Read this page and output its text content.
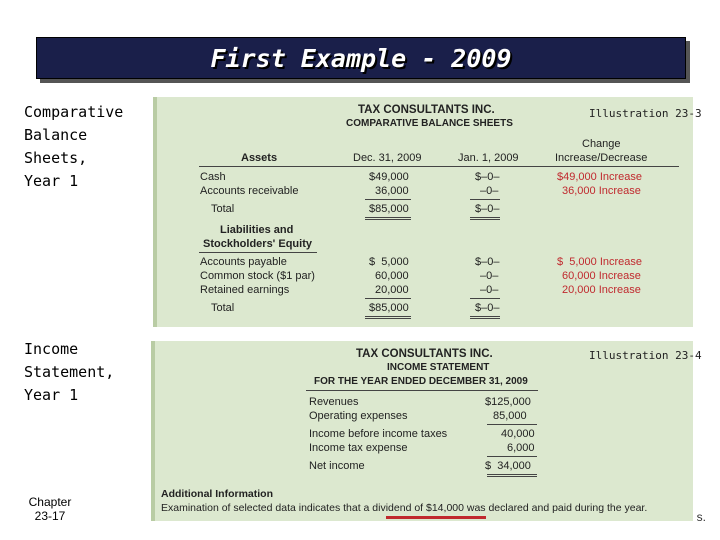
First Example - 2009
Comparative
Balance
Sheets,
Year 1
Income
Statement,
Year 1
Chapter
23-17
TAX CONSULTANTS INC.
COMPARATIVE BALANCE SHEETS
Illustration 23-3
Assets	Dec. 31, 2009	Jan. 1, 2009
Change
Increase/Decrease
Cash	$49,000	$–0–	$49,000 Increase
Accounts receivable	36,000	–0–	36,000 Increase
Total	$85,000	$–0–
Liabilities and
Stockholders' Equity
Accounts payable	$  5,000	$–0–	$  5,000 Increase
Common stock ($1 par)	60,000	–0–	60,000 Increase
Retained earnings	20,000	–0–	20,000 Increase
Total	$85,000	$–0–
TAX CONSULTANTS INC.
INCOME STATEMENT
FOR THE YEAR ENDED DECEMBER 31, 2009
Illustration 23-4
Revenues	$125,000
Operating expenses	85,000
Income before income taxes	40,000
Income tax expense	6,000
Net income	$  34,000
Additional Information
Examination of selected data indicates that a dividend of $14,000 was declared and paid during the year.
s.
